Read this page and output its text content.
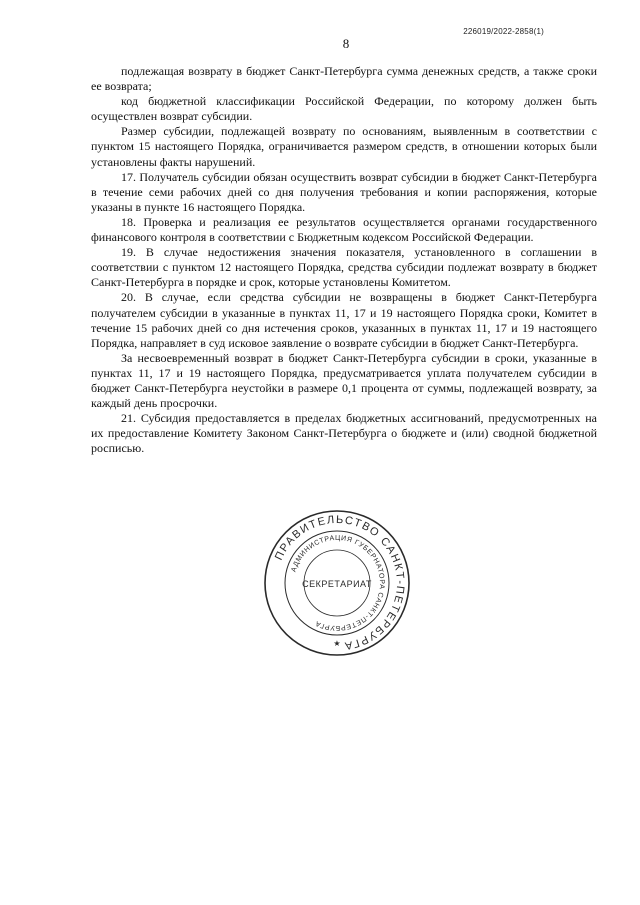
226019/2022-2858(1)
8

подлежащая возврату в бюджет Санкт-Петербурга сумма денежных средств, а также сроки ее возврата;

код бюджетной классификации Российской Федерации, по которому должен быть осуществлен возврат субсидии.

Размер субсидии, подлежащей возврату по основаниям, выявленным в соответствии с пунктом 15 настоящего Порядка, ограничивается размером средств, в отношении которых были установлены факты нарушений.

17. Получатель субсидии обязан осуществить возврат субсидии в бюджет Санкт-Петербурга в течение семи рабочих дней со дня получения требования и копии распоряжения, которые указаны в пункте 16 настоящего Порядка.

18. Проверка и реализация ее результатов осуществляется органами государственного финансового контроля в соответствии с Бюджетным кодексом Российской Федерации.

19. В случае недостижения значения показателя, установленного в соглашении в соответствии с пунктом 12 настоящего Порядка, средства субсидии подлежат возврату в бюджет Санкт-Петербурга в порядке и срок, которые установлены Комитетом.

20. В случае, если средства субсидии не возвращены в бюджет Санкт-Петербурга получателем субсидии в указанные в пунктах 11, 17 и 19 настоящего Порядка сроки, Комитет в течение 15 рабочих дней со дня истечения сроков, указанных в пунктах 11, 17 и 19 настоящего Порядка, направляет в суд исковое заявление о возврате субсидии в бюджет Санкт-Петербурга.

За несвоевременный возврат в бюджет Санкт-Петербурга субсидии в сроки, указанные в пунктах 11, 17 и 19 настоящего Порядка, предусматривается уплата получателем субсидии в бюджет Санкт-Петербурга неустойки в размере 0,1 процента от суммы, подлежащей возврату, за каждый день просрочки.

21. Субсидия предоставляется в пределах бюджетных ассигнований, предусмотренных на их предоставление Комитету Законом Санкт-Петербурга о бюджете и (или) сводной бюджетной росписью.

ПРАВИТЕЛЬСТВО САНКТ-ПЕТЕРБУРГА
АДМИНИСТРАЦИЯ ГУБЕРНАТОРА САНКТ-ПЕТЕРБУРГА
СЕКРЕТАРИАТ
★
